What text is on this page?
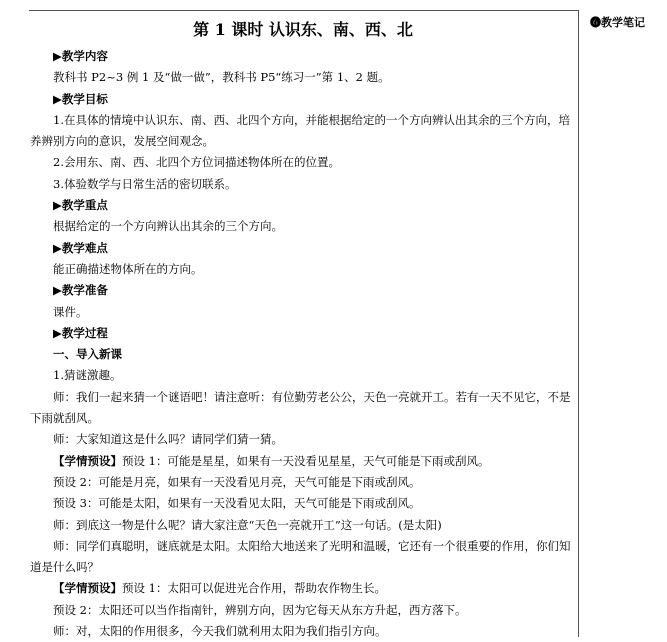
❻教学笔记
第 1 课时 认识东、南、西、北
▶教学内容
教科书 P2~3 例 1 及“做一做”，教科书 P5“练习一”第 1、2 题。
▶教学目标
1.在具体的情境中认识东、南、西、北四个方向，并能根据给定的一个方向辨认出其余的三个方向，培养辨别方向的意识，发展空间观念。
2.会用东、南、西、北四个方位词描述物体所在的位置。
3.体验数学与日常生活的密切联系。
▶教学重点
根据给定的一个方向辨认出其余的三个方向。
▶教学难点
能正确描述物体所在的方向。
▶教学准备
课件。
▶教学过程
一、导入新课
1.猜谜激趣。
师：我们一起来猜一个谜语吧！请注意听：有位勤劳老公公，天色一亮就开工。若有一天不见它，不是下雨就刮风。
师：大家知道这是什么吗？请同学们猜一猜。
【学情预设】预设 1：可能是星星，如果有一天没看见星星，天气可能是下雨或刮风。
预设 2：可能是月亮，如果有一天没看见月亮，天气可能是下雨或刮风。
预设 3：可能是太阳，如果有一天没看见太阳，天气可能是下雨或刮风。
师：到底这一物是什么呢？请大家注意“天色一亮就开工”这一句话。(是太阳)
师：同学们真聪明，谜底就是太阳。太阳给大地送来了光明和温暖，它还有一个很重要的作用，你们知道是什么吗？
【学情预设】预设 1：太阳可以促进光合作用，帮助农作物生长。
预设 2：太阳还可以当作指南针，辨别方向，因为它每天从东方升起，西方落下。
师：对，太阳的作用很多，今天我们就利用太阳为我们指引方向。
